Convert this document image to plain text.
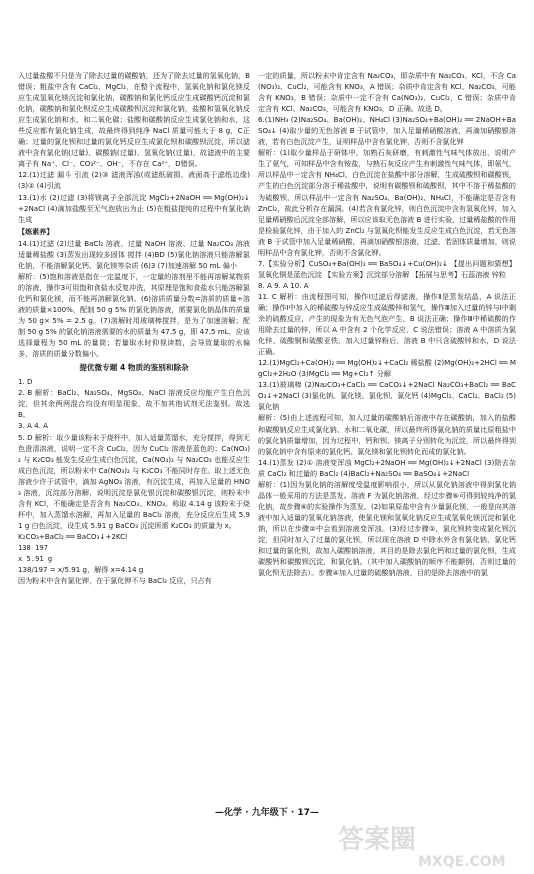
入过量盐酸不只是为了除去过量的碳酸钠，还为了除去过量的氢氧化钠，B错误；粗盐中含有 CaCl₂、MgCl₂，在整个流程中，氢氧化钠和氯化镁反应生成氢氧化镁沉淀和氯化钠，碳酸钠和氯化钙反应生成碳酸钙沉淀和氯化钠，碳酸钠和氯化钡反应生成碳酸钡沉淀和氯化钠，盐酸和氢氧化钠反应生成氯化钠和水，和二氧化碳；盐酸和碳酸钠反应生成氯化钠和水，这些反应都有氯化钠生成，故最终得到纯净 NaCl 质量可能大于 8 g，C正确；过量的氯化钡和过量的氯化钙反应生成氯化钡和碳酸钡沉淀，所以滤液中含有氯化钠(过量)、碳酸钠(过量)、氢氧化钠(过量)，故滤液中的主要离子有 Na⁺、Cl⁻、CO₃²⁻、OH⁻，不存在 Ca²⁺，D错误。

12.(1)过滤 漏斗 引流 (2)③ 滤液浑浊(或滤纸破损、液面高于滤纸边缘) (3)② (4)引流

13.(1)水 (2)过滤 (3)将镁离子全部沉淀 MgCl₂+2NaOH ══ Mg(OH)₂↓+2NaCl (4)滴加盐酸至无气泡放出为止 (5)在粗盐提纯的过程中有氯化钠生成

【练素养】

14.(1)过滤 (2)过量 BaCl₂ 溶液、过量 NaOH 溶液、过量 Na₂CO₃ 溶液 适量稀盐酸 (3)蒸发出现较多固体 搅拌 (4)BD (5)氯化钠溶液只能溶解氯化钠，不能溶解氯化钙、氯化镁等杂质 (6)3 (7)加速溶解 50 mL 偏小

解析：(5)饱和溶液是指在一定温度下，一定量的溶剂里不能再溶解某物质的溶液，操作3可用饱和食盐水反复冲洗，其原理是饱和食盐水只能溶解氯化钙和氯化镁，而不能再溶解氯化钠。(6)溶质质量分数=溶质的质量÷溶液的质量×100%，配制 50 g 5% 的氯化钠溶液，需要氯化钠晶体的质量为 50 g× 5% = 2.5 g。(7)溶解时用玻璃棒搅拌，是为了加速溶解；配制 50 g 5% 的氯化钠溶液需要的水的质量为 47.5 g，即 47.5 mL，应该选择量程为 50 mL 的量筒；若量取水时仰视读数，会导致量取的水偏多，溶质的质量分数偏小。

提优微专题 4 物质的鉴别和除杂

1. D

2. B 解析：BaCl₂、Na₂SO₄、MgSO₄、NaCl 溶液反应均能产生白色沉淀，但其余两两混合均没有明显现象，故不加其他试剂无法鉴别。故选 B。

3. A 4. A

5. D 解析：取少量该粉末于烧杯中，加入适量蒸馏水，充分搅拌，得到无色澄清溶液，说明一定不含 CuCl₂，因为 CuCl₂ 溶液是蓝色的；Ca(NO₃)₂ 与 K₂CO₃ 能发生反应生成白色沉淀，Ca(NO₃)₂ 与 Na₂CO₃ 也能反应生成白色沉淀，所以粉末中 Ca(NO₃)₂ 与 K₂CO₃ 不能同时存在。取上述无色溶液少许于试管中，滴加 AgNO₃ 溶液，有沉淀生成，再加入足量的 HNO₃ 溶液，沉淀部分溶解，说明沉淀是氯化银沉淀和碳酸银沉淀，则粉末中含有 KCl，不能确定是否含有 Na₂CO₃、KNO₃。称取 4.14 g 该粉末于烧杯中，加入蒸馏水溶解，再加入足量的 BaCl₂ 溶液，充分反应后生成 5.91 g 白色沉淀，设生成 5.91 g BaCO₃ 沉淀所需 K₂CO₃ 的质量为 x。

K₂CO₃+BaCl₂ ══ BaCO₃↓+2KCl

138 197

x 5.91 g

138/197 = x/5.91 g，解得 x=4.14 g

因为粉末中含有氯化钾，在于氯化钾不与 BaCl₂ 反应，只占有

一定的质量，所以粉末中肯定含有 Na₂CO₃，即杂质中有 Na₂CO₃、KCl，不含 Ca(NO₃)₂、CuCl₂，可能含有 KNO₃，A 错误；杂质中肯定含有 KCl、Na₂CO₃，可能含有 KNO₃，B 错误；杂质中一定不含有 Ca(NO₃)₂、CuCl₂，C 错误；杂质中肯定含有 KCl、Na₂CO₃，可能含有 KNO₃，D 正确。故选 D。

6.(1)NH₃ (2)Na₂SO₄、Ba(OH)₂、NH₄Cl (3)Na₂SO₄+Ba(OH)₂ ══ 2NaOH+BaSO₄↓ (4)取少量的无色溶液 B 于试管中，加入足量稀硝酸溶液，再滴加硝酸银溶液，若有白色沉淀产生，证明样品中含有氯化钾，否则不含氯化钾

解析：(1)取少量样品于研钵中，加熟石灰研磨，有刺激性气味气体放出，说明产生了氨气，可知样品中含有铵盐，与熟石灰反应产生有刺激性气味气体，即氨气，所以样品中一定含有 NH₄Cl，白色沉淀在盐酸中部分溶解，生成硫酸钡和碳酸钡，产生的白色沉淀部分溶于稀盐酸中，说明有碳酸钡和硫酸钡，其中不溶于稀盐酸的为硫酸钡，所以样品中一定含有 Na₂SO₄、Ba(OH)₂、NH₄Cl，不能确定是否含有 ZnCl₂，故此分析存在漏洞。(4)若含有氯化锌，则白色沉淀中含有氢氧化锌，加入足量稀硝酸后沉淀全部溶解，所以应该取无色溶液 B 进行实验，过量稀盐酸的作用是检验氯化锌，由于加入的 ZnCl₂ 与氢氧化钡能发生反应生成白色沉淀，若无色溶液 B 于试管中加入足量稀硝酸，再滴加硝酸银溶液，过滤，若固体质量增加，则说明样品中含有氯化钾，否则不含氯化钾。

7.【实验分析】CuSO₄+Ba(OH)₂ ══ BaSO₄↓+Cu(OH)₂↓ 【提出问题和猜想】氢氧化铜是蓝色沉淀 【实验方案】沉淀部分溶解 【拓展与思考】石蕊溶液 锌粒

8. A 9. A 10. A

11. C 解析：由流程图可知，操作Ⅰ过滤后得滤液，操作Ⅱ是蒸发结晶，A 说法正确；操作Ⅰ中加入的稀硫酸与锌反应生成硫酸锌和氢气，操作Ⅲ加入过量的锌与Ⅰ中剩余的硫酸反应，产生的现象为有无色气泡产生，B 说法正确；操作Ⅲ中稀硫酸的作用除去过量的锌，所以 A 中含有 2 个化学反应，C 说法错误；溶液 A 中溶质为氯化锌、硫酸铜和硫酸亚铁，加入过量锌粉后，溶液 B 中只含硫酸锌和水，D 说法正确。

12.(1)MgCl₂+Ca(OH)₂ ══ Mg(OH)₂↓+CaCl₂ 稀盐酸 (2)Mg(OH)₂+2HCl ══ MgCl₂+2H₂O (3)MgCl₂ ══ Mg+Cl₂↑ 分解

13.(1)玻璃棒 (2)Na₂CO₃+CaCl₂ ══ CaCO₃↓+2NaCl Na₂CO₃+BaCl₂ ══ BaCO₃↓+2NaCl (3)氯化钠、氯化镁、氯化钡、氯化钙 (4)MgCl₂、CaCl₂、BaCl₂ (5)氯化钠

解析：(5)由上述流程可知，加入过量的碳酸钠后溶液中存在碳酸钠，加入的盐酸和碳酸钠反应生成氯化钠、水和二氧化碳，所以最终所得氯化钠的质量比原粗盐中的氯化钠质量增加，因为过程中，钙和钡、镁离子分别转化为沉淀，所以最终得到的氯化钠中含有原来的氯化钙、氯化镁和氯化钡转化而成的氯化钠。

14.(1)蒸发 (2)① 溶液变浑浊 MgCl₂+2NaOH ══ Mg(OH)₂↓+2NaCl (3)除去杂质 CaCl₂ 和过量的 BaCl₂ (4)BaCl₂+Na₂SO₄ ══ BaSO₄↓+2NaCl

解析：(1)因为氯化钠的溶解度受温度影响很小，所以从氯化钠溶液中得到氯化钠晶体一般采用的方法是蒸发。溶液 F 为氯化钠溶液，经过步骤⑥可得到较纯净的氯化钠，故步骤⑥的实验操作为蒸发。(2)如果原盐中含有少量氯化镁，一般是向其溶液中加入适量的氢氧化钠溶液，使氯化镁和氢氧化钠反应生成氢氧化镁沉淀和氯化钠，所以在步骤②中会看到溶液变浑浊。(3)经过步骤①，氯化钡转变成氯化钡沉淀，但同时加入了过量的氯化钡，所以现在溶液 D 中除水外含有氯化钠、氯化钙和过量的氯化钡，故加入碳酸钠溶液，其目的是除去氯化钙和过量的氯化钡，生成碳酸钙和碳酸钡沉淀，和氯化钠。（其中加入碳酸钠的顺序不能颠倒，否则过量的氯化钡无法除去）。步骤④加入过量的硫酸钠溶液，目的是除去溶液中的氯

—化学 · 九年级下 · 17—
答案圈
MXQE.COM
